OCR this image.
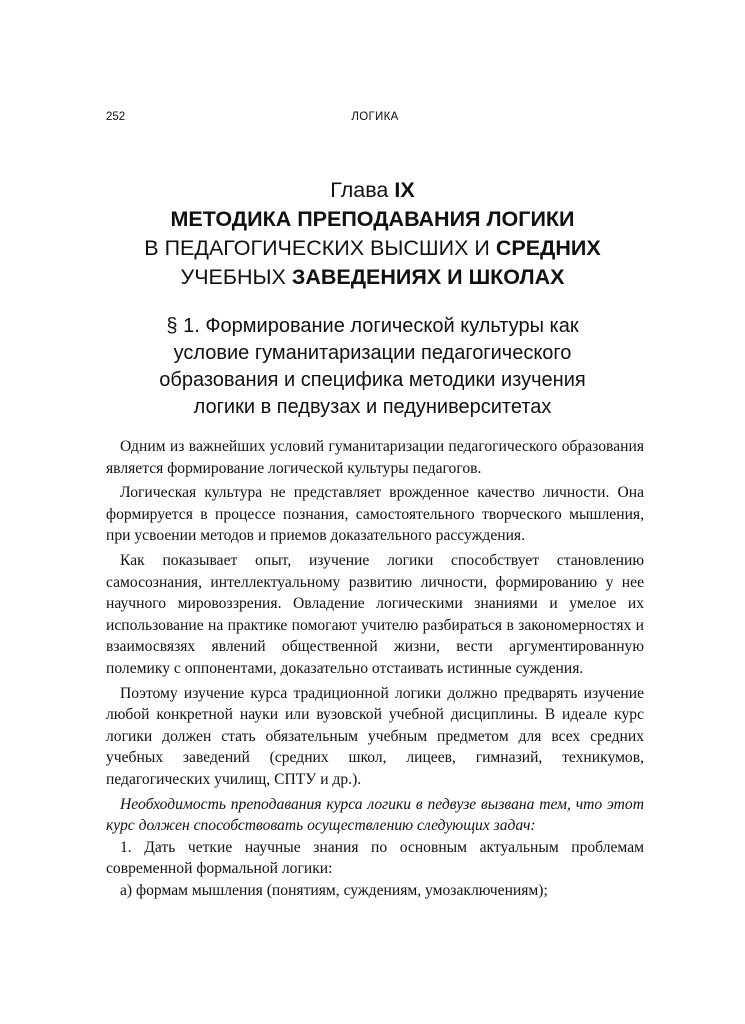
252	ЛОГИКА
Глава IX
МЕТОДИКА ПРЕПОДАВАНИЯ ЛОГИКИ
В ПЕДАГОГИЧЕСКИХ ВЫСШИХ И СРЕДНИХ
УЧЕБНЫХ ЗАВЕДЕНИЯХ И ШКОЛАХ
§ 1. Формирование логической культуры как
условие гуманитаризации педагогического
образования и специфика методики изучения
логики в педвузах и педуниверситетах

Одним из важнейших условий гуманитаризации педагогического образования является формирование логической культуры педагогов.

Логическая культура не представляет врожденное качество личности. Она формируется в процессе познания, самостоятельного творческого мышления, при усвоении методов и приемов доказательного рассуждения.

Как показывает опыт, изучение логики способствует становлению самосознания, интеллектуальному развитию личности, формированию у нее научного мировоззрения. Овладение логическими знаниями и умелое их использование на практике помогают учителю разбираться в закономерностях и взаимосвязях явлений общественной жизни, вести аргументированную полемику с оппонентами, доказательно отстаивать истинные суждения.

Поэтому изучение курса традиционной логики должно предварять изучение любой конкретной науки или вузовской учебной дисциплины. В идеале курс логики должен стать обязательным учебным предметом для всех средних учебных заведений (средних школ, лицеев, гимназий, техникумов, педагогических училищ, СПТУ и др.).

Необходимость преподавания курса логики в педвузе вызвана тем, что этот курс должен способствовать осуществлению следующих задач:

1. Дать четкие научные знания по основным актуальным проблемам современной формальной логики:

а) формам мышления (понятиям, суждениям, умозаключениям);
